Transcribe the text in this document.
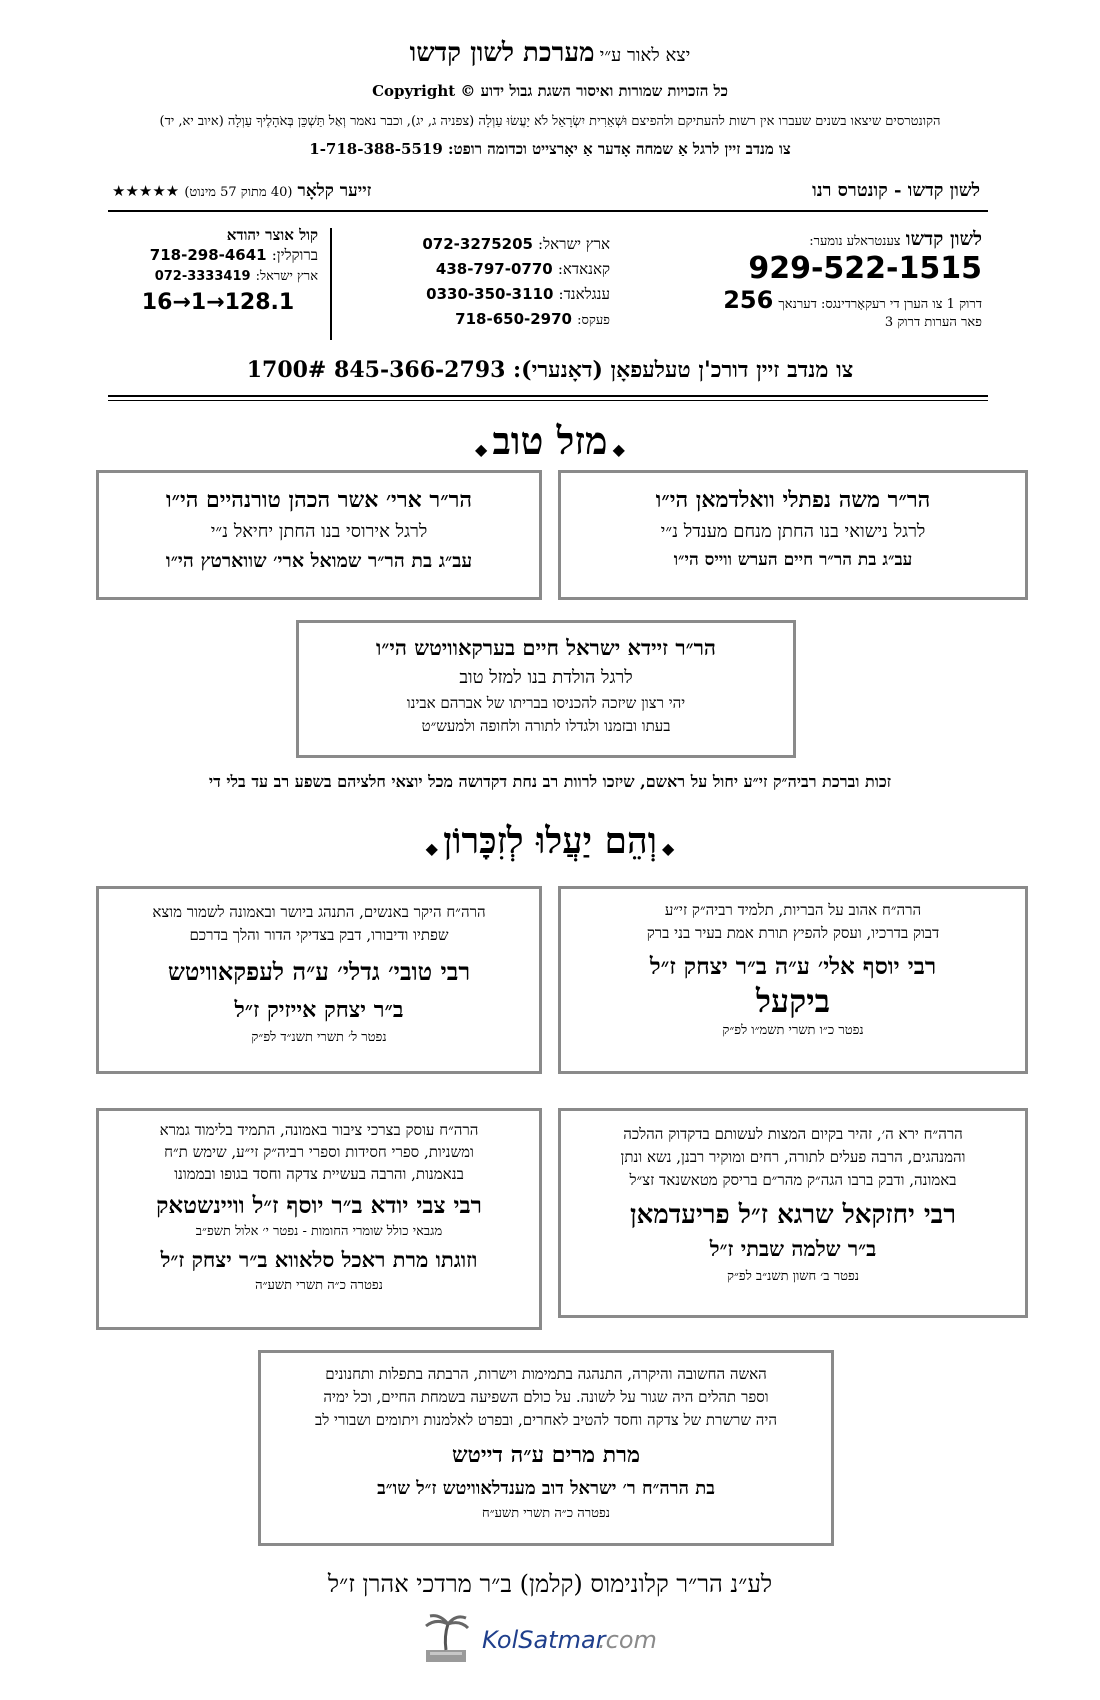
יצא לאור ע״י מערכת לשון קדשו
כל הזכויות שמורות ואיסור השגת גבול ידוע © Copyright
הקונטרסים שיצאו בשנים שעברו אין רשות להעתיקם ולהפיצם וּשְׁאֵרִית יִשְׂרָאֵל לֹא יַעֲשׂוּ עַוְלָה (צפניה ג, יג), וכבר נאמר וְאַל תַּשְׁכֵּן בְּאֹהָלֶיךָ עַוְלָה (איוב יא, יד)
צו מנדב זיין לרגל אַ שמחה אָדער אַ יאָרצייט וכדומה רופט: 1-718-388-5519
לשון קדשו - קונטרס רנו
זייער קלאָר (40 מתוק 57 מינוט) ★★★★★
לשון קדשו צענטראלע נומער:
929-522-1515
דרוק 1 צו הערן די רעקאָרדינגס: דערנאך 256
פאר הערות דרוק 3
ארץ ישראל: 072-3275205
קאנאדא: 438-797-0770
ענגלאנד: 0330-350-3110
פעקס: 718-650-2970
קול אוצר יהודא
ברוקלין: 718-298-4641
ארץ ישראל: 072-3333419
16→1→128.1
צו מנדב זיין דורכ'ן טעלעפאָן (דאָנערי): 845-366-2793 1700#
◆ מזל טוב ◆
הר״ר משה נפתלי וואלדמאן הי״ו
לרגל נישואי בנו החתן מנחם מענדל נ״י
עב״ג בת הר״ר חיים הערש ווייס הי״ו
הר״ר ארי׳ אשר הכהן טורנהיים הי״ו
לרגל אירוסי בנו החתן יחיאל נ״י
עב״ג בת הר״ר שמואל ארי׳ שווארטץ הי״ו
הר״ר זיידא ישראל חיים בערקאוויטש הי״ו
לרגל הולדת בנו למזל טוב
יהי רצון שיזכה להכניסו בבריתו של אברהם אבינו
בעתו ובזמנו ולגדלו לתורה ולחופה ולמעש״ט
זכות וברכת רביה״ק זי״ע יחול על ראשם, שיזכו לרוות רב נחת דקדושה מכל יוצאי חלציהם בשפע רב עד בלי די
◆ וְהֵם יַעֲלוּ לְזִכָּרוֹן ◆
הרה״ח אהוב על הבריות, תלמיד רביה״ק זי״ע
דבוק בדרכיו, ועסק להפיץ תורת אמת בעיר בני ברק
רבי יוסף אלי׳ ע״ה ב״ר יצחק ז״ל
ביקעל
נפטר כ״ו תשרי תשמ״ו לפ״ק
הרה״ח היקר באנשים, התנהג ביושר ובאמונה לשמור מוצא
שפתיו ודיבורו, דבק בצדיקי הדור והלך בדרכם
רבי טובי׳ גדלי׳ ע״ה לעפקאוויטש
ב״ר יצחק אייזיק ז״ל
נפטר ל׳ תשרי תשנ״ד לפ״ק
הרה״ח ירא ה׳, זהיר בקיום המצות לעשותם בדקדוק ההלכה
והמנהגים, הרבה פעלים לתורה, רחים ומוקיר רבנן, נשא ונתן
באמונה, ודבק ברבו הגה״ק מהר״ם בריסק מטאשנאד זצ״ל
רבי יחזקאל שרגא ז״ל פריעדמאן
ב״ר שלמה שבתי ז״ל
נפטר ב׳ חשון תשנ״ב לפ״ק
הרה״ח עוסק בצרכי ציבור באמונה, התמיד בלימוד גמרא
ומשניות, ספרי חסידות וספרי רביה״ק זי״ע, שימש ת״ח
בנאמנות, והרבה בעשיית צדקה וחסד בגופו ובממונו
רבי צבי יודא ב״ר יוסף ז״ל וויינשטאק
מגבאי כולל שומרי החומות - נפטר י׳ אלול תשפ״ב
וזוגתו מרת ראכל סלאווא ב״ר יצחק ז״ל
נפטרה כ״ה תשרי תשע״ה
האשה החשובה והיקרה, התנהגה בתמימות וישרות, הרבתה בתפלות ותחנונים
וספר תהלים היה שגור על לשונה. על כולם השפיעה בשמחת החיים, וכל ימיה
היה שרשרת של צדקה וחסד להטיב לאחרים, ובפרט לאלמנות ויתומים ושבורי לב
מרת מרים ע״ה דייטש
בת הרה״ח ר׳ ישראל דוב מענדלאוויטש ז״ל שו״ב
נפטרה כ״ה תשרי תשע״ח
לע״נ הר״ר קלונימוס (קלמן) ב״ר מרדכי אהרן ז״ל
KolSatmar
.com
